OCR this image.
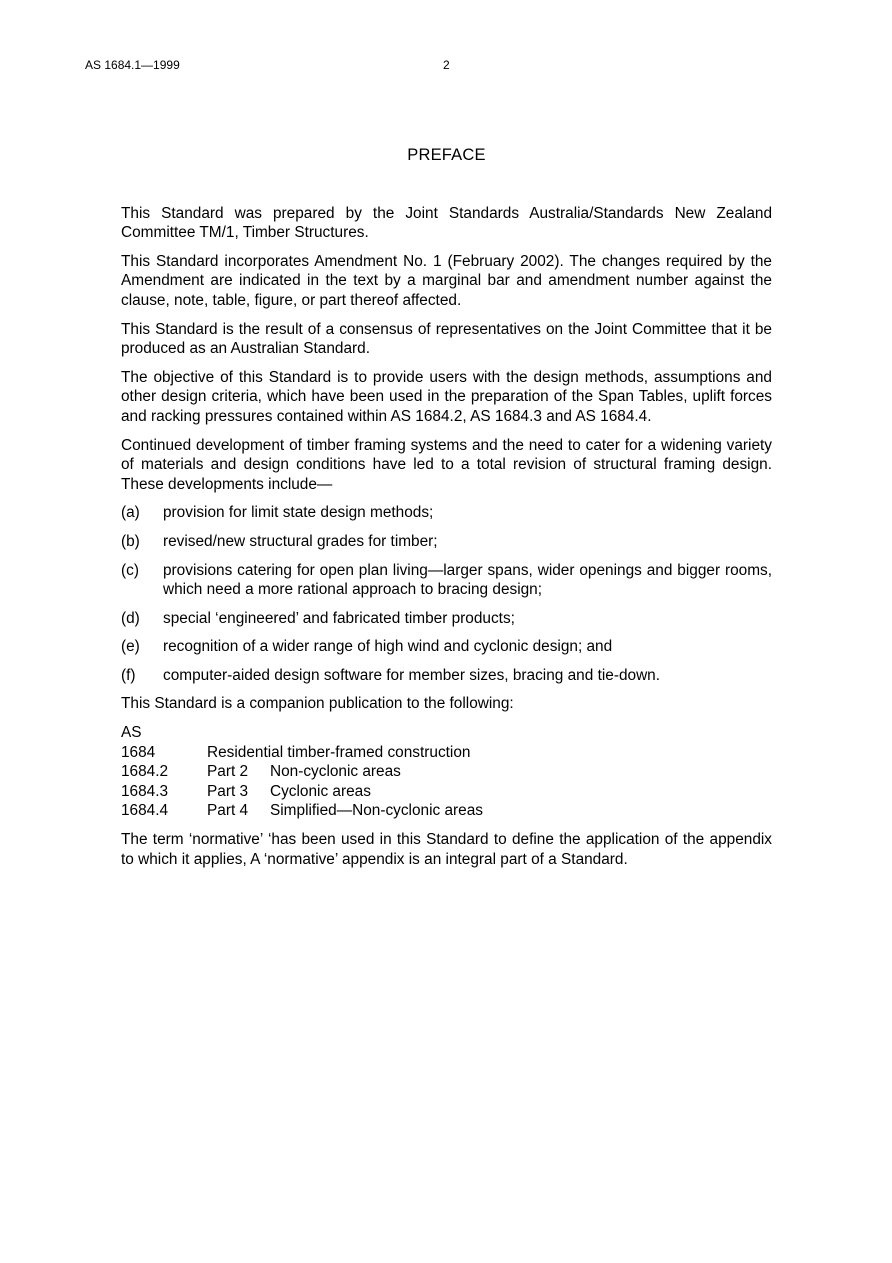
AS 1684.1—1999	2
PREFACE

This Standard was prepared by the Joint Standards Australia/Standards New Zealand Committee TM/1, Timber Structures.

This Standard incorporates Amendment No. 1 (February 2002). The changes required by the Amendment are indicated in the text by a marginal bar and amendment number against the clause, note, table, figure, or part thereof affected.

This Standard is the result of a consensus of representatives on the Joint Committee that it be produced as an Australian Standard.

The objective of this Standard is to provide users with the design methods, assumptions and other design criteria, which have been used in the preparation of the Span Tables, uplift forces and racking pressures contained within AS 1684.2, AS 1684.3 and AS 1684.4.

Continued development of timber framing systems and the need to cater for a widening variety of materials and design conditions have led to a total revision of structural framing design. These developments include—

(a)	provision for limit state design methods;
(b)	revised/new structural grades for timber;
(c)	provisions catering for open plan living—larger spans, wider openings and bigger rooms, which need a more rational approach to bracing design;
(d)	special ‘engineered’ and fabricated timber products;
(e)	recognition of a wider range of high wind and cyclonic design; and
(f)	computer-aided design software for member sizes, bracing and tie-down.

This Standard is a companion publication to the following:

AS		
1684	Residential timber-framed construction	
1684.2	Part 2	Non-cyclonic areas
1684.3	Part 3	Cyclonic areas
1684.4	Part 4	Simplified—Non-cyclonic areas

The term ‘normative’ ‘has been used in this Standard to define the application of the appendix to which it applies, A ‘normative’ appendix is an integral part of a Standard.
